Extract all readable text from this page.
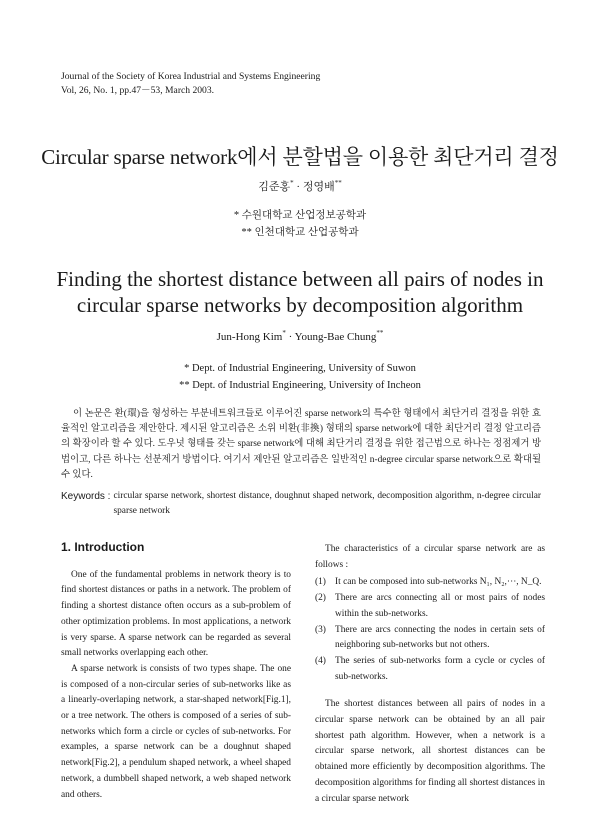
Journal of the Society of Korea Industrial and Systems Engineering
Vol, 26, No. 1, pp.47－53, March 2003.
Circular sparse network에서 분할법을 이용한 최단거리 결정
김준홍* · 정영배**
* 수원대학교 산업정보공학과
** 인천대학교 산업공학과
Finding the shortest distance between all pairs of nodes in circular sparse networks by decomposition algorithm
Jun-Hong Kim* · Young-Bae Chung**
* Dept. of Industrial Engineering, University of Suwon
** Dept. of Industrial Engineering, University of Incheon
이 논문은 환(環)을 형성하는 부분네트워크들로 이루어진 sparse network의 특수한 형태에서 최단거리 결정을 위한 효율적인 알고리즘을 제안한다. 제시된 알고리즘은 소위 비환(非換) 형태의 sparse network에 대한 최단거리 결정 알고리즘의 확장이라 할 수 있다. 도우넛 형태를 갖는 sparse network에 대해 최단거리 결정을 위한 접근법으로 하나는 정점제거 방법이고, 다른 하나는 선분제거 방법이다. 여기서 제안된 알고리즘은 일반적인 n-degree circular sparse network으로 확대될 수 있다.
Keywords : circular sparse network, shortest distance, doughnut shaped network, decomposition algorithm, n-degree circular sparse network
1. Introduction

One of the fundamental problems in network theory is to find shortest distances or paths in a network. The problem of finding a shortest distance often occurs as a sub-problem of other optimization problems. In most applications, a network is very sparse. A sparse network can be regarded as several small networks overlapping each other.

A sparse network is consists of two types shape. The one is composed of a non-circular series of sub-networks like as a linearly-overlaping network, a star-shaped network[Fig.1], or a tree network. The others is composed of a series of sub-networks which form a circle or cycles of sub-networks. For examples, a sparse network can be a doughnut shaped network[Fig.2], a pendulum shaped network, a wheel shaped network, a dumbbell shaped network, a web shaped network and others.

The characteristics of a circular sparse network are as follows :

(1) It can be composed into sub-networks N₁, N₂,⋯, N_Q.
(2) There are arcs connecting all or most pairs of nodes within the sub-networks.
(3) There are arcs connecting the nodes in certain sets of neighboring sub-networks but not others.
(4) The series of sub-networks form a cycle or cycles of sub-networks.

The shortest distances between all pairs of nodes in a circular sparse network can be obtained by an all pair shortest path algorithm. However, when a network is a circular sparse network, all shortest distances can be obtained more efficiently by decomposition algorithms. The decomposition algorithms for finding all shortest distances in a circular sparse network
